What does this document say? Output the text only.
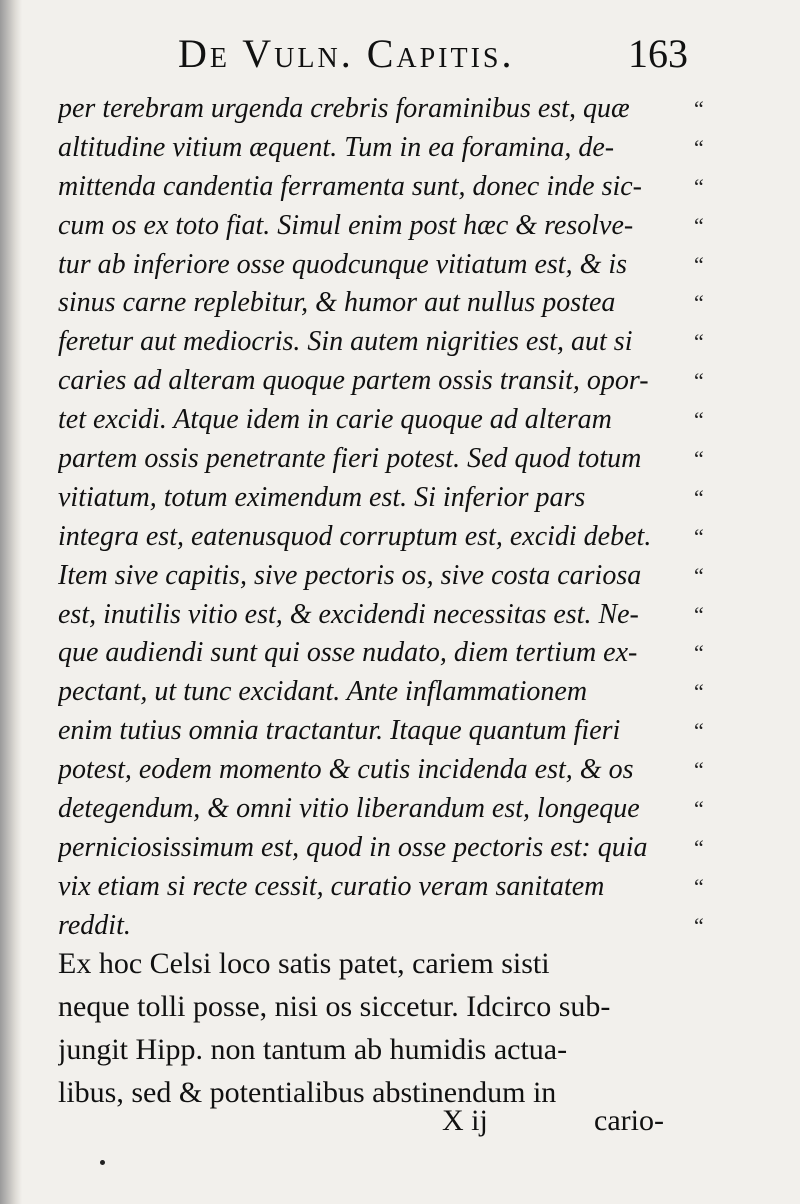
De Vuln. Capitis.	163
per terebram urgenda crebris foraminibus est, quæ	“
altitudine vitium æquent. Tum in ea foramina, de-	“
mittenda candentia ferramenta sunt, donec inde sic-	“
cum os ex toto fiat. Simul enim post hæc & resolve-	“
tur ab inferiore osse quodcunque vitiatum est, & is	“
sinus carne replebitur, & humor aut nullus postea	“
feretur aut mediocris. Sin autem nigrities est, aut si	“
caries ad alteram quoque partem ossis transit, opor-	“
tet excidi. Atque idem in carie quoque ad alteram	“
partem ossis penetrante fieri potest. Sed quod totum	“
vitiatum, totum eximendum est. Si inferior pars	“
integra est, eatenusquod corruptum est, excidi debet.	“
Item sive capitis, sive pectoris os, sive costa cariosa	“
est, inutilis vitio est, & excidendi necessitas est. Ne-	“
que audiendi sunt qui osse nudato, diem tertium ex-	“
pectant, ut tunc excidant. Ante inflammationem	“
enim tutius omnia tractantur. Itaque quantum fieri	“
potest, eodem momento & cutis incidenda est, & os	“
detegendum, & omni vitio liberandum est, longeque	“
perniciosissimum est, quod in osse pectoris est: quia	“
vix etiam si recte cessit, curatio veram sanitatem	“
reddit.	“
Ex hoc Celsi loco satis patet, cariem sisti
neque tolli posse, nisi os siccetur. Idcirco sub-
jungit Hipp. non tantum ab humidis actua-
libus, sed & potentialibus abstinendum in
X ij	cario-
